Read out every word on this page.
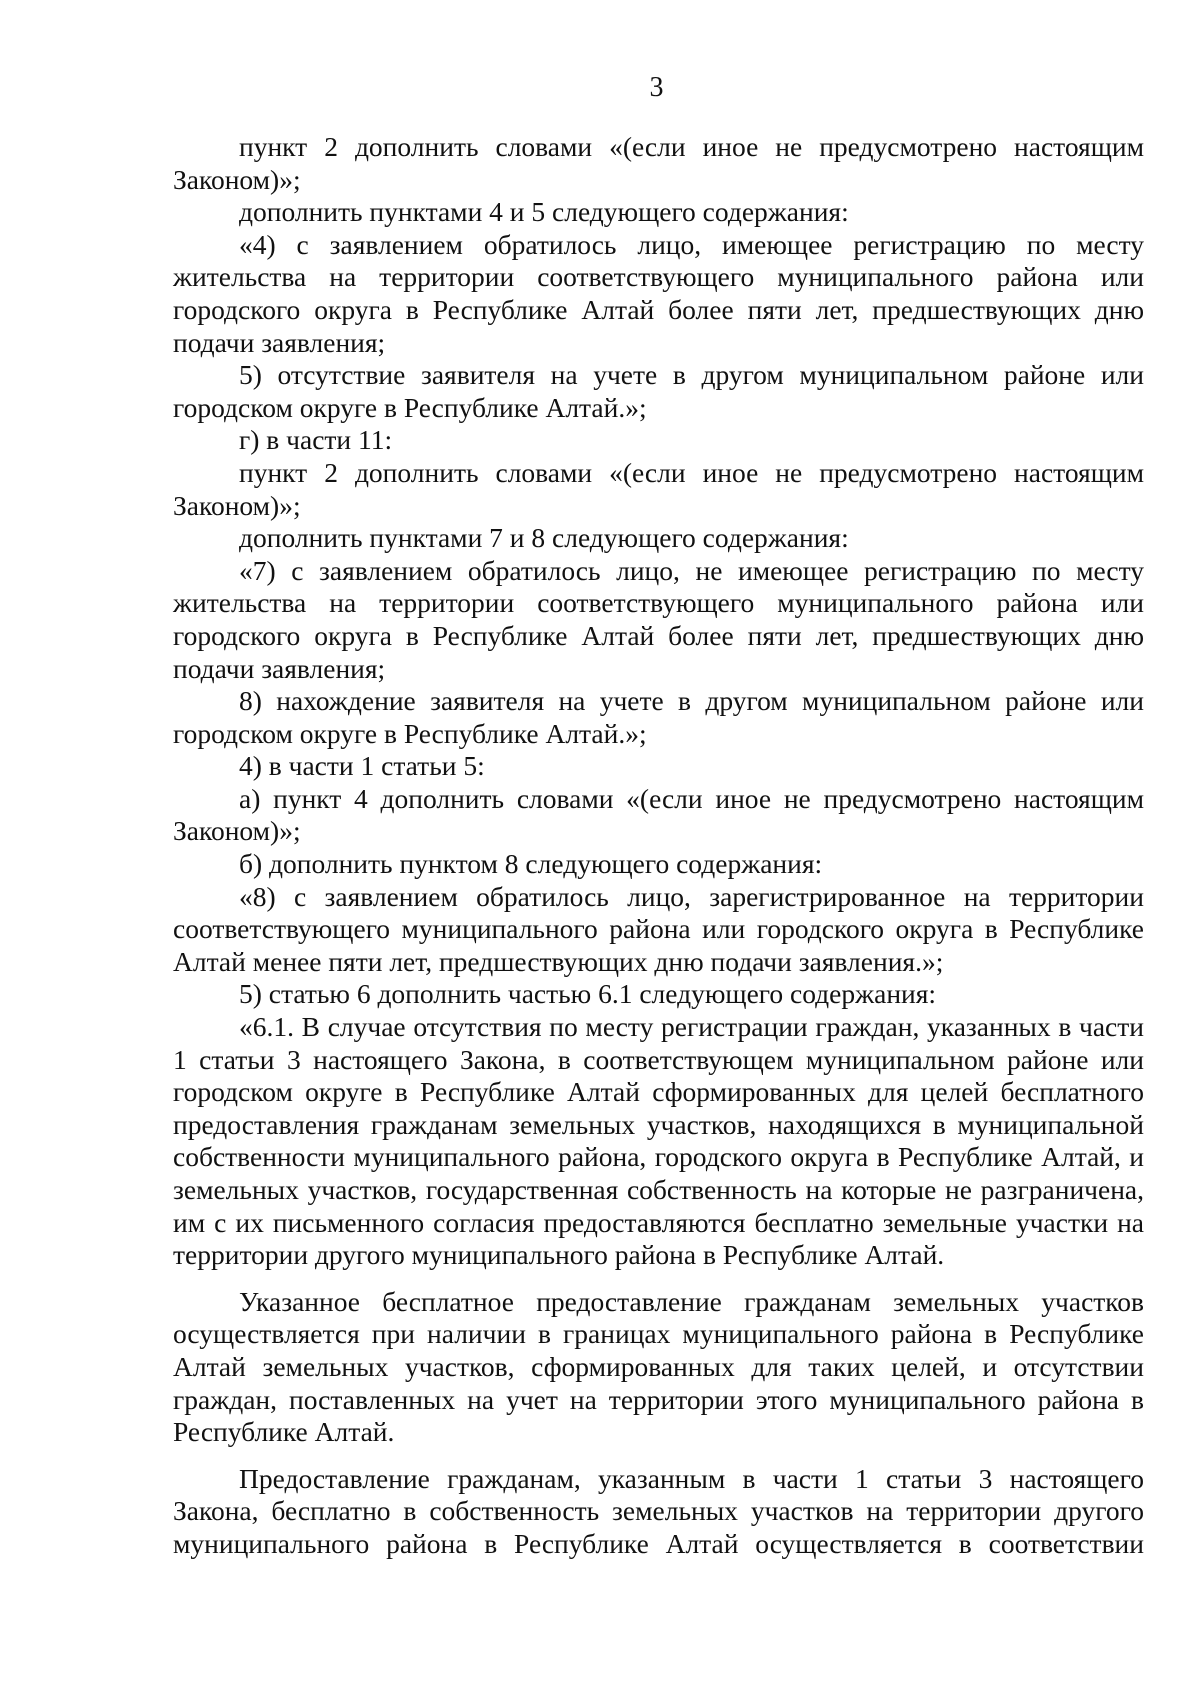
3

пункт 2 дополнить словами «(если иное не предусмотрено настоящим Законом)»;

дополнить пунктами 4 и 5 следующего содержания:

«4) с заявлением обратилось лицо, имеющее регистрацию по месту жительства на территории соответствующего муниципального района или городского округа в Республике Алтай более пяти лет, предшествующих дню подачи заявления;

5) отсутствие заявителя на учете в другом муниципальном районе или городском округе в Республике Алтай.»;

г) в части 11:

пункт 2 дополнить словами «(если иное не предусмотрено настоящим Законом)»;

дополнить пунктами 7 и 8 следующего содержания:

«7) с заявлением обратилось лицо, не имеющее регистрацию по месту жительства на территории соответствующего муниципального района или городского округа в Республике Алтай более пяти лет, предшествующих дню подачи заявления;

8) нахождение заявителя на учете в другом муниципальном районе или городском округе в Республике Алтай.»;

4) в части 1 статьи 5:

а) пункт 4 дополнить словами «(если иное не предусмотрено настоящим Законом)»;

б) дополнить пунктом 8 следующего содержания:

«8) с заявлением обратилось лицо, зарегистрированное на территории соответствующего муниципального района или городского округа в Республике Алтай менее пяти лет, предшествующих дню подачи заявления.»;

5) статью 6 дополнить частью 6.1 следующего содержания:

«6.1. В случае отсутствия по месту регистрации граждан, указанных в части 1 статьи 3 настоящего Закона, в соответствующем муниципальном районе или городском округе в Республике Алтай сформированных для целей бесплатного предоставления гражданам земельных участков, находящихся в муниципальной собственности муниципального района, городского округа в Республике Алтай, и земельных участков, государственная собственность на которые не разграничена, им с их письменного согласия предоставляются бесплатно земельные участки на территории другого муниципального района в Республике Алтай.

Указанное бесплатное предоставление гражданам земельных участков осуществляется при наличии в границах муниципального района в Республике Алтай земельных участков, сформированных для таких целей, и отсутствии граждан, поставленных на учет на территории этого муниципального района в Республике Алтай.

Предоставление гражданам, указанным в части 1 статьи 3 настоящего Закона, бесплатно в собственность земельных участков на территории другого муниципального района в Республике Алтай осуществляется в соответствии
